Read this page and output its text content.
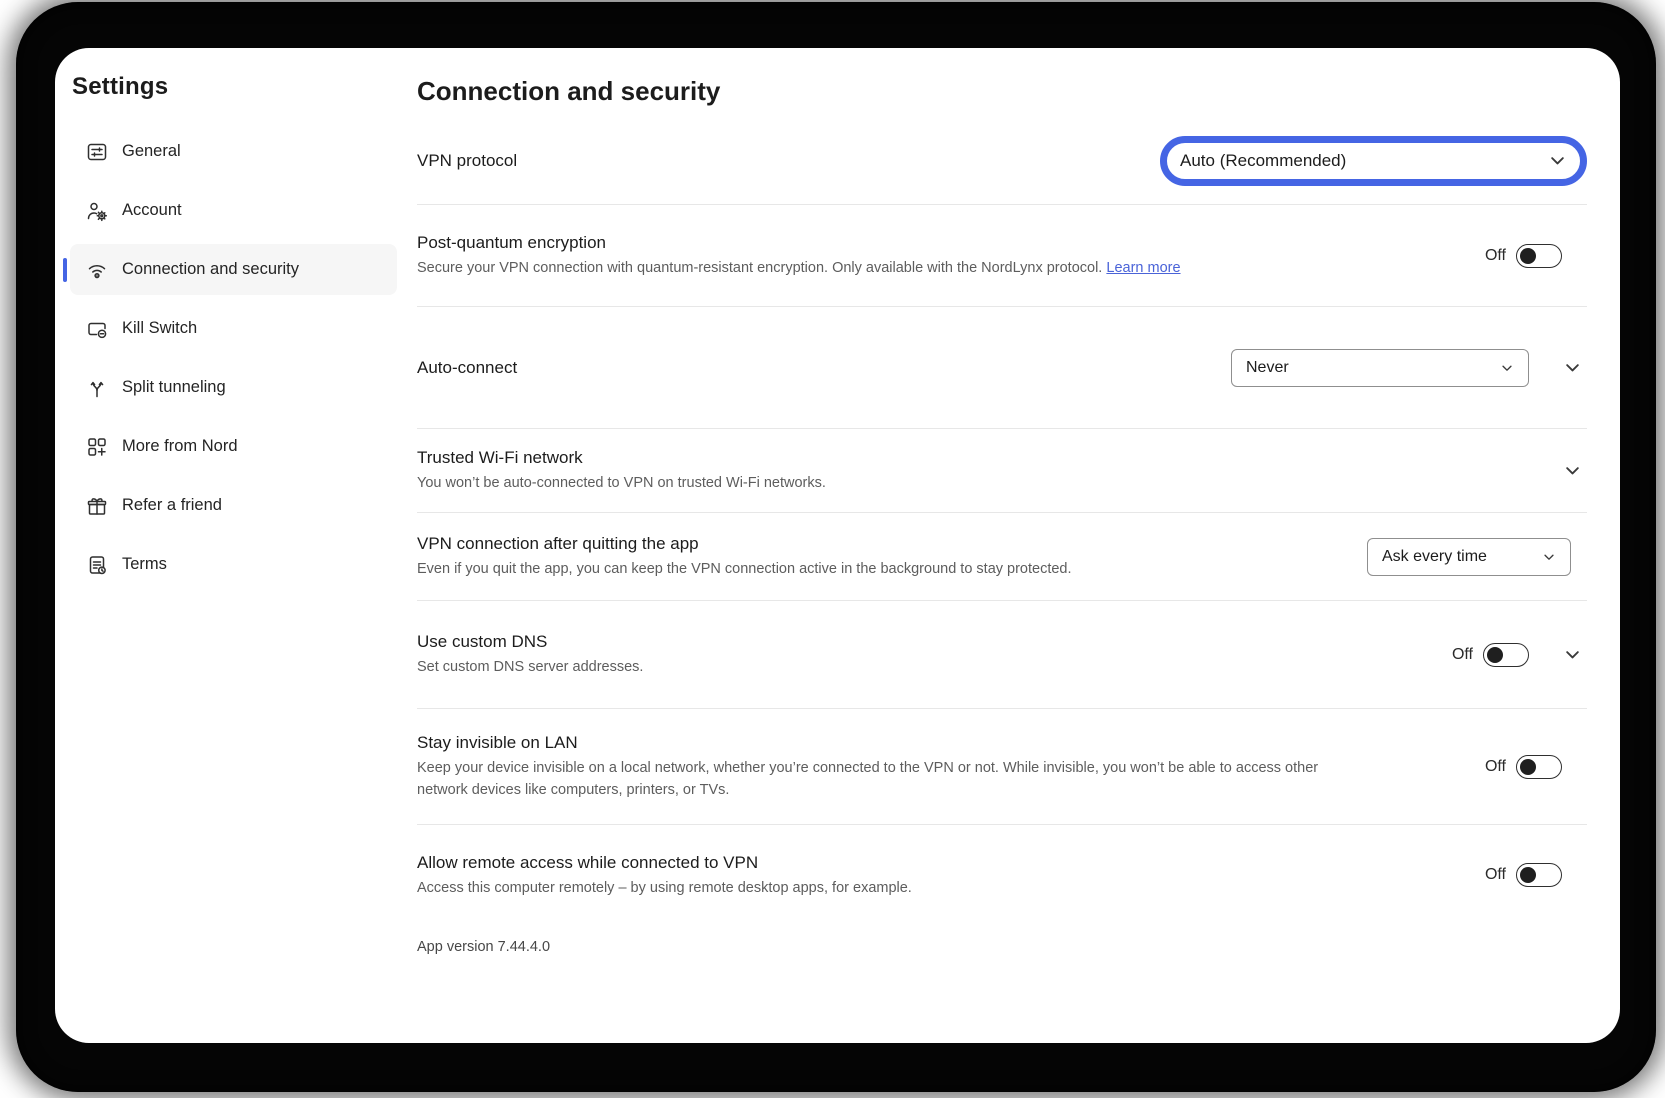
Settings
General
Account
Connection and security
Kill Switch
Split tunneling
More from Nord
Refer a friend
Terms
Connection and security
VPN protocol	Auto (Recommended)
Post-quantum encryption
Secure your VPN connection with quantum-resistant encryption. Only available with the NordLynx protocol. Learn more
Off
Auto-connect	Never
Trusted Wi-Fi network
You won’t be auto-connected to VPN on trusted Wi-Fi networks.
VPN connection after quitting the app
Even if you quit the app, you can keep the VPN connection active in the background to stay protected.
Ask every time
Use custom DNS
Set custom DNS server addresses.
Off
Stay invisible on LAN
Keep your device invisible on a local network, whether you’re connected to the VPN or not. While invisible, you won’t be able to access other network devices like computers, printers, or TVs.
Off
Allow remote access while connected to VPN
Access this computer remotely – by using remote desktop apps, for example.
Off
App version 7.44.4.0
